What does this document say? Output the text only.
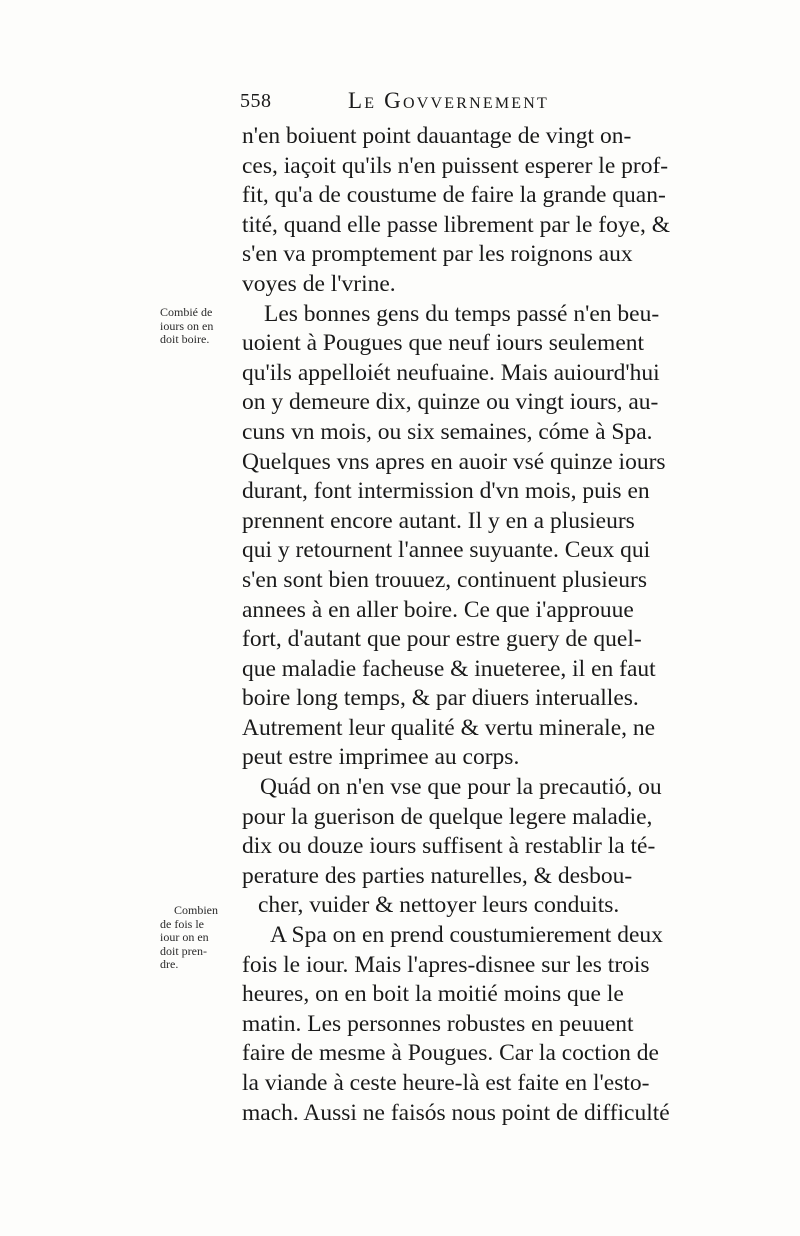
558	Le Govvernement
n'en boiuent point dauantage de vingt on-
ces, iaçoit qu'ils n'en puissent esperer le prof-
fit, qu'a de coustume de faire la grande quan-
tité, quand elle passe librement par le foye, &
s'en va promptement par les roignons aux
voyes de l'vrine.
Les bonnes gens du temps passé n'en beu-
uoient à Pougues que neuf iours seulement
qu'ils appelloiét neufuaine. Mais auiourd'hui
on y demeure dix, quinze ou vingt iours, au-
cuns vn mois, ou six semaines, cóme à Spa.
Quelques vns apres en auoir vsé quinze iours
durant, font intermission d'vn mois, puis en
prennent encore autant. Il y en a plusieurs
qui y retournent l'annee suyuante. Ceux qui
s'en sont bien trouuez, continuent plusieurs
annees à en aller boire. Ce que i'approuue
fort, d'autant que pour estre guery de quel-
que maladie facheuse & inueteree, il en faut
boire long temps, & par diuers interualles.
Autrement leur qualité & vertu minerale, ne
peut estre imprimee au corps.
Quád on n'en vse que pour la precautió, ou
pour la guerison de quelque legere maladie,
dix ou douze iours suffisent à restablir la té-
perature des parties naturelles, & desbou-
cher, vuider & nettoyer leurs conduits.
A Spa on en prend coustumierement deux
fois le iour. Mais l'apres-disnee sur les trois
heures, on en boit la moitié moins que le
matin. Les personnes robustes en peuuent
faire de mesme à Pougues. Car la coction de
la viande à ceste heure-là est faite en l'esto-
mach. Aussi ne faisós nous point de difficulté
Combié de
iours on en
doit boire.
Combien
de fois le
iour on en
doit pren-
dre.
